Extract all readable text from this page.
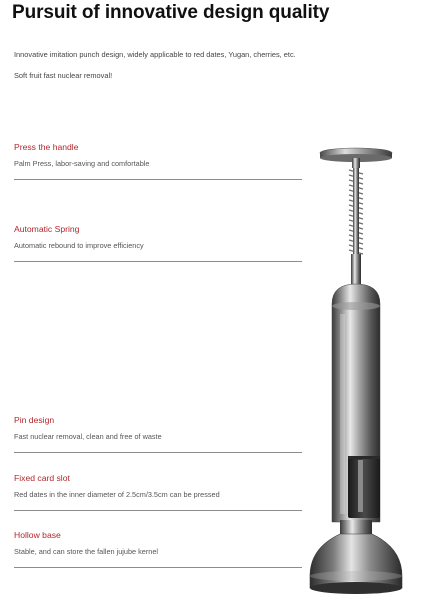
Pursuit of innovative design quality
Innovative imitation punch design, widely applicable to red dates, Yugan, cherries, etc.
Soft fruit fast nuclear removal!
Press the handle
Palm Press, labor-saving and comfortable
Automatic Spring
Automatic rebound to improve efficiency
Pin design
Fast nuclear removal, clean and free of waste
Fixed card slot
Red dates in the inner diameter of 2.5cm/3.5cm can be pressed
Hollow base
Stable, and can store the fallen jujube kernel
